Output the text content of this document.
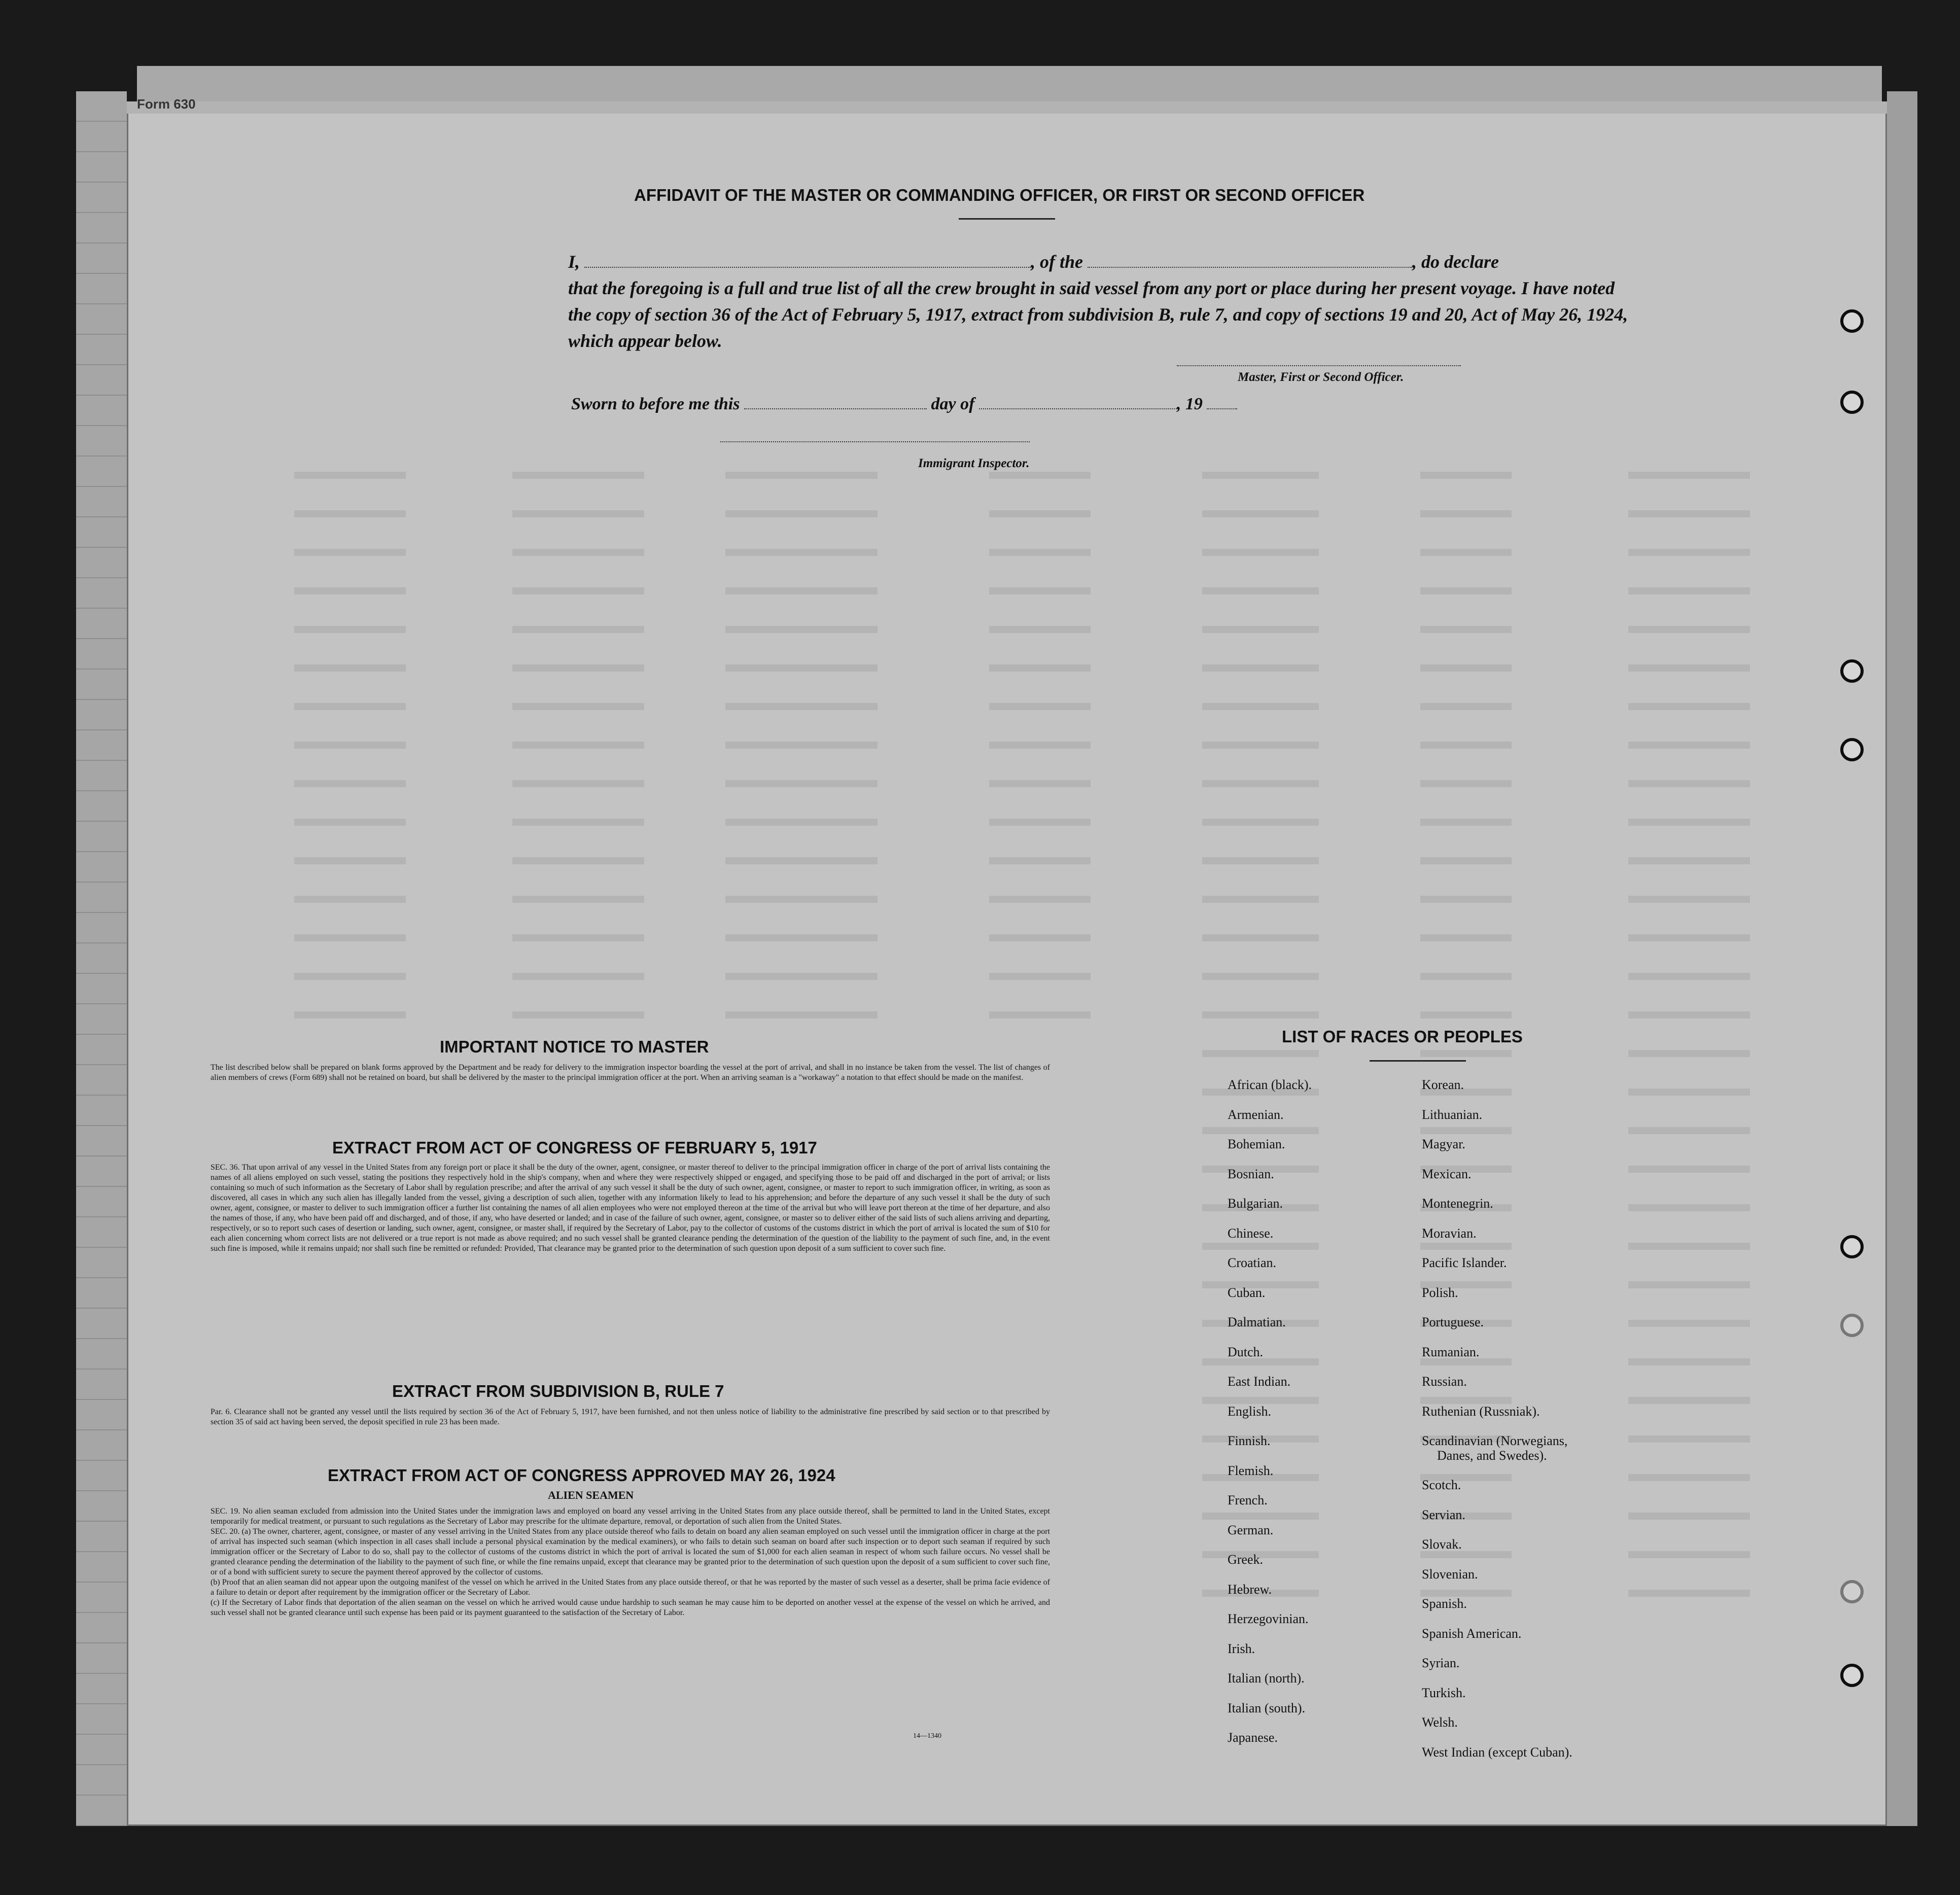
AFFIDAVIT OF THE MASTER OR COMMANDING OFFICER, OR FIRST OR SECOND OFFICER
I,	, of the	, do declare
that the foregoing is a full and true list of all the crew brought in said vessel from any port or place during her present voyage. I have noted the copy of section 36 of the Act of February 5, 1917, extract from subdivision B, rule 7, and copy of sections 19 and 20, Act of May 26, 1924, which appear below.
Master, First or Second Officer.
Sworn to before me this	day of	, 19
Immigrant Inspector.
IMPORTANT NOTICE TO MASTER
The list described below shall be prepared on blank forms approved by the Department and be ready for delivery to the immigration inspector boarding the vessel at the port of arrival, and shall in no instance be taken from the vessel. The list of changes of alien members of crews (Form 689) shall not be retained on board, but shall be delivered by the master to the principal immigration officer at the port. When an arriving seaman is a "workaway" a notation to that effect should be made on the manifest.
EXTRACT FROM ACT OF CONGRESS OF FEBRUARY 5, 1917
SEC. 36. That upon arrival of any vessel in the United States from any foreign port or place it shall be the duty of the owner, agent, consignee, or master thereof to deliver to the principal immigration officer in charge of the port of arrival lists containing the names of all aliens employed on such vessel, stating the positions they respectively hold in the ship's company, when and where they were respectively shipped or engaged, and specifying those to be paid off and discharged in the port of arrival; or lists containing so much of such information as the Secretary of Labor shall by regulation prescribe; and after the arrival of any such vessel it shall be the duty of such owner, agent, consignee, or master to report to such immigration officer, in writing, as soon as discovered, all cases in which any such alien has illegally landed from the vessel, giving a description of such alien, together with any information likely to lead to his apprehension; and before the departure of any such vessel it shall be the duty of such owner, agent, consignee, or master to deliver to such immigration officer a further list containing the names of all alien employees who were not employed thereon at the time of the arrival but who will leave port thereon at the time of her departure, and also the names of those, if any, who have been paid off and discharged, and of those, if any, who have deserted or landed; and in case of the failure of such owner, agent, consignee, or master so to deliver either of the said lists of such aliens arriving and departing, respectively, or so to report such cases of desertion or landing, such owner, agent, consignee, or master shall, if required by the Secretary of Labor, pay to the collector of customs of the customs district in which the port of arrival is located the sum of $10 for each alien concerning whom correct lists are not delivered or a true report is not made as above required; and no such vessel shall be granted clearance pending the determination of the question of the liability to the payment of such fine, and, in the event such fine is imposed, while it remains unpaid; nor shall such fine be remitted or refunded: Provided, That clearance may be granted prior to the determination of such question upon deposit of a sum sufficient to cover such fine.
EXTRACT FROM SUBDIVISION B, RULE 7
Par. 6. Clearance shall not be granted any vessel until the lists required by section 36 of the Act of February 5, 1917, have been furnished, and not then unless notice of liability to the administrative fine prescribed by said section or to that prescribed by section 35 of said act having been served, the deposit specified in rule 23 has been made.
EXTRACT FROM ACT OF CONGRESS APPROVED MAY 26, 1924
ALIEN SEAMEN
SEC. 19. No alien seaman excluded from admission into the United States under the immigration laws and employed on board any vessel arriving in the United States from any place outside thereof, shall be permitted to land in the United States, except temporarily for medical treatment, or pursuant to such regulations as the Secretary of Labor may prescribe for the ultimate departure, removal, or deportation of such alien from the United States.
SEC. 20. (a) The owner, charterer, agent, consignee, or master of any vessel arriving in the United States from any place outside thereof who fails to detain on board any alien seaman employed on such vessel until the immigration officer in charge at the port of arrival has inspected such seaman (which inspection in all cases shall include a personal physical examination by the medical examiners), or who fails to detain such seaman on board after such inspection or to deport such seaman if required by such immigration officer or the Secretary of Labor to do so, shall pay to the collector of customs of the customs district in which the port of arrival is located the sum of $1,000 for each alien seaman in respect of whom such failure occurs. No vessel shall be granted clearance pending the determination of the liability to the payment of such fine, or while the fine remains unpaid, except that clearance may be granted prior to the determination of such question upon the deposit of a sum sufficient to cover such fine, or of a bond with sufficient surety to secure the payment thereof approved by the collector of customs.
(b) Proof that an alien seaman did not appear upon the outgoing manifest of the vessel on which he arrived in the United States from any place outside thereof, or that he was reported by the master of such vessel as a deserter, shall be prima facie evidence of a failure to detain or deport after requirement by the immigration officer or the Secretary of Labor.
(c) If the Secretary of Labor finds that deportation of the alien seaman on the vessel on which he arrived would cause undue hardship to such seaman he may cause him to be deported on another vessel at the expense of the vessel on which he arrived, and such vessel shall not be granted clearance until such expense has been paid or its payment guaranteed to the satisfaction of the Secretary of Labor.
14—1340
LIST OF RACES OR PEOPLES
African (black).
Armenian.
Bohemian.
Bosnian.
Bulgarian.
Chinese.
Croatian.
Cuban.
Dalmatian.
Dutch.
East Indian.
English.
Finnish.
Flemish.
French.
German.
Greek.
Hebrew.
Herzegovinian.
Irish.
Italian (north).
Italian (south).
Japanese.
Korean.
Lithuanian.
Magyar.
Mexican.
Montenegrin.
Moravian.
Pacific Islander.
Polish.
Portuguese.
Rumanian.
Russian.
Ruthenian (Russniak).
Scandinavian (Norwegians,
Danes, and Swedes).
Scotch.
Servian.
Slovak.
Slovenian.
Spanish.
Spanish American.
Syrian.
Turkish.
Welsh.
West Indian (except Cuban).
Form 630
